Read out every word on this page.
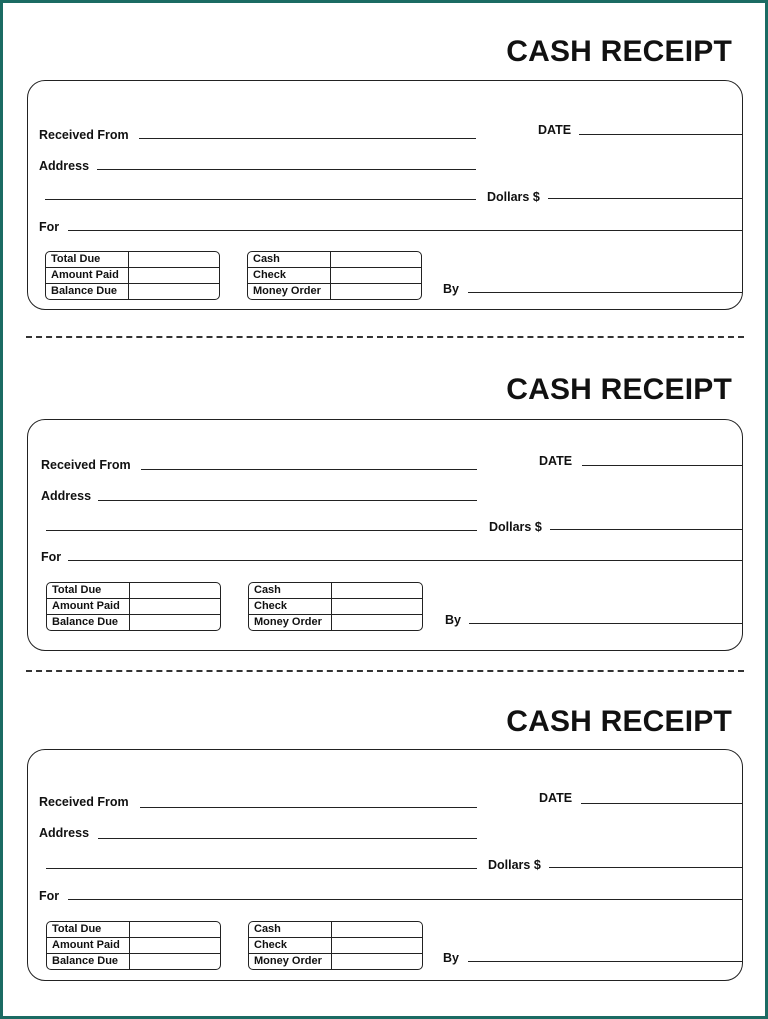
CASH RECEIPT
Received From	DATE
Address
Dollars $
For
Total Due
Amount Paid
Balance Due
Cash
Check
Money Order	By
CASH RECEIPT
Received From	DATE
Address
Dollars $
For
Total Due
Amount Paid
Balance Due
Cash
Check
Money Order	By
CASH RECEIPT
Received From	DATE
Address
Dollars $
For
Total Due
Amount Paid
Balance Due
Cash
Check
Money Order	By
